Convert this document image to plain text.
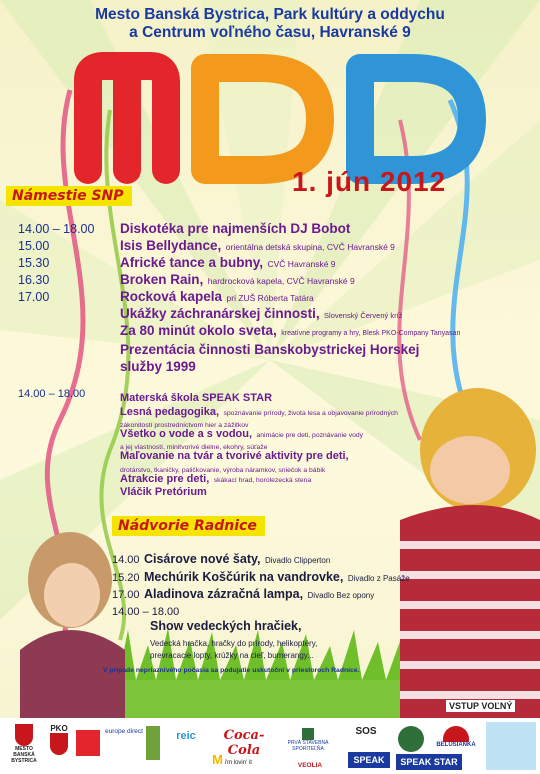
Mesto Banská Bystrica, Park kultúry a oddychu
a Centrum voľného času, Havranské 9
1. jún 2012
Námestie SNP
14.00 – 18.00 Diskotéka pre najmenších DJ Bobot
15.00	Isis Bellydance, orientálna detská skupina, CVČ Havranské 9
15.30	Africké tance a bubny, CVČ Havranské 9
16.30	Broken Rain, hardrocková kapela, CVČ Havranské 9
17.00	Rocková kapela pri ZUŠ Róberta Tatára
Ukážky záchranárskej činnosti, Slovenský Červený kríž
Za 80 minút okolo sveta, kreatívne programy a hry, Blesk PKO-Company Tanyasan
Prezentácia činnosti Banskobystrickej Horskej
služby 1999
14.00 – 18.00	Materská škola SPEAK STAR
Lesná pedagogika, spoznávanie prírody, života lesa a objavovanie prírodných
zákonitostí prostredníctvom hier a zážitkov
Všetko o vode a s vodou, animácie pre deti, poznávanie vody
a jej vlastností, minitvorivé dielne, ekohry, súťaže
Maľovanie na tvár a tvorivé aktivity pre deti,
drotárstvo, tkaničky, paličkovanie, výroba náramkov, sniečok a bábik
Atrakcie pre deti, skákací hrad, horolezecká stena
Vláčik Pretórium
Nádvorie Radnice
14.00 Cisárove nové šaty, Divadlo Clipperton
15.20 Mechúrik Koščúrik na vandrovke, Divadlo z Pasáže
17.00 Aladinova zázračná lampa, Divadlo Bez opony
14.00 – 18.00
Show vedeckých hračiek,
Vedecká hračka, hračky do prírody, helikoptéry,
prevracacie lopty, krúžky na cieľ, bumerangy...
V prípade nepriaznivého počasia sa podujatie uskutoční v priestoroch Radnice.
VSTUP VOĽNÝ
MESTO BANSKÁ BYSTRICA
PKO	europe direct	reic	Coca-Cola
M i'm lovin' it
PRVÁ STAVEBNÁ SPORITEĽŇA
VEOLIA
SOS
SPEAK	SPEAK STAR
BELUSIANKA
